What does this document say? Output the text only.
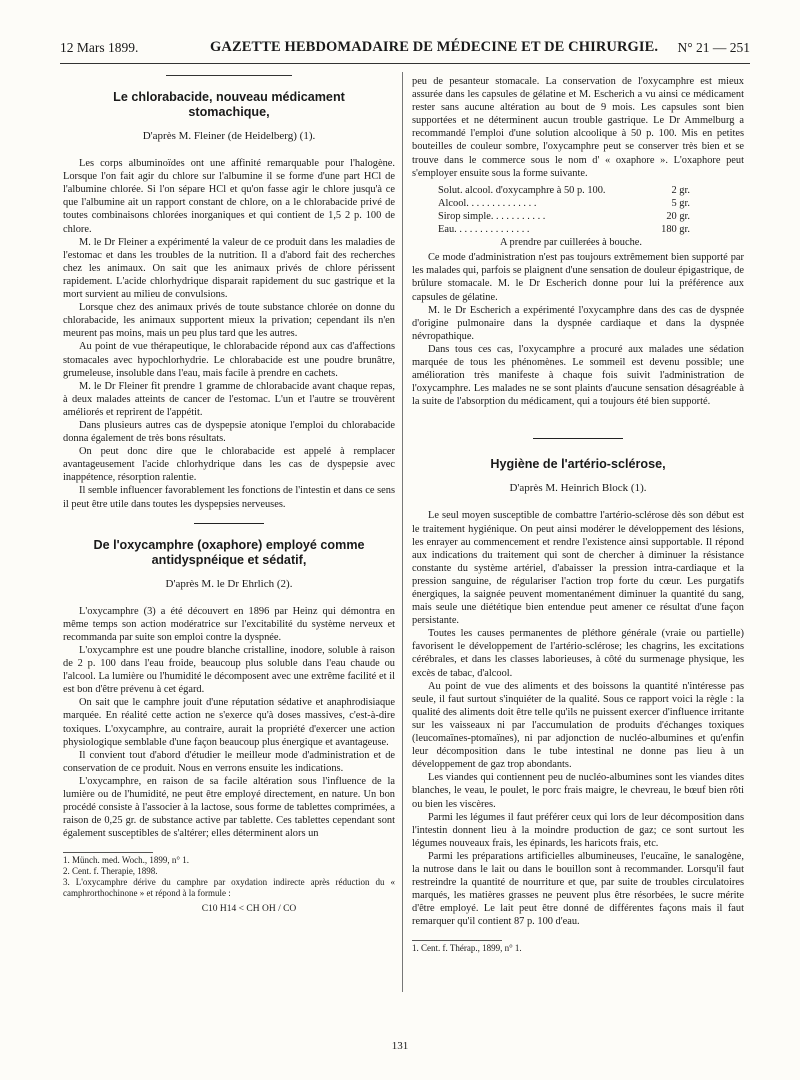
12 Mars 1899.	GAZETTE HEBDOMADAIRE DE MÉDECINE ET DE CHIRURGIE. N° 21 — 251
Le chlorabacide, nouveau médicament stomachique,
D'après M. Fleiner (de Heidelberg) (1).

Les corps albuminoïdes ont une affinité remarquable pour l'halogène. Lorsque l'on fait agir du chlore sur l'albumine il se forme d'une part HCl de l'albumine chlorée. Si l'on sépare HCl et qu'on fasse agir le chlore jusqu'à ce que l'albumine ait un rapport constant de chlore, on a le chlorabacide privé de toutes combinaisons chlorées inorganiques et qui contient de 1,5 2 p. 100 de chlore.

M. le Dr Fleiner a expérimenté la valeur de ce produit dans les maladies de l'estomac et dans les troubles de la nutrition. Il a d'abord fait des recherches chez les animaux. On sait que les animaux privés de chlore périssent rapidement. L'acide chlorhydrique disparait rapidement du suc gastrique et la mort survient au milieu de convulsions.

Lorsque chez des animaux privés de toute substance chlorée on donne du chlorabacide, les animaux supportent mieux la privation; cependant ils n'en meurent pas moins, mais un peu plus tard que les autres.

Au point de vue thérapeutique, le chlorabacide répond aux cas d'affections stomacales avec hypochlorhydrie. Le chlorabacide est une poudre brunâtre, grumeleuse, insoluble dans l'eau, mais facile à prendre en cachets.

M. le Dr Fleiner fit prendre 1 gramme de chlorabacide avant chaque repas, à deux malades atteints de cancer de l'estomac. L'un et l'autre se trouvèrent améliorés et reprirent de l'appétit.

Dans plusieurs autres cas de dyspepsie atonique l'emploi du chlorabacide donna également de très bons résultats.

On peut donc dire que le chlorabacide est appelé à remplacer avantageusement l'acide chlorhydrique dans les cas de dyspepsie avec inappétence, résorption ralentie.

Il semble influencer favorablement les fonctions de l'intestin et dans ce sens il peut être utile dans toutes les dyspepsies nerveuses.

De l'oxycamphre (oxaphore) employé comme antidyspnéique et sédatif,
D'après M. le Dr Ehrlich (2).

L'oxycamphre (3) a été découvert en 1896 par Heinz qui démontra en même temps son action modératrice sur l'excitabilité du système nerveux et recommanda par suite son emploi contre la dyspnée.

L'oxycamphre est une poudre blanche cristalline, inodore, soluble à raison de 2 p. 100 dans l'eau froide, beaucoup plus soluble dans l'eau chaude ou l'alcool. La lumière ou l'humidité le décomposent avec une extrême facilité et il est bon d'être prévenu à cet égard.

On sait que le camphre jouit d'une réputation sédative et anaphrodisiaque marquée. En réalité cette action ne s'exerce qu'à doses massives, c'est-à-dire toxiques. L'oxycamphre, au contraire, aurait la propriété d'exercer une action physiologique semblable d'une façon beaucoup plus énergique et avantageuse.

Il convient tout d'abord d'étudier le meilleur mode d'administration et de conservation de ce produit. Nous en verrons ensuite les indications.

L'oxycamphre, en raison de sa facile altération sous l'influence de la lumière ou de l'humidité, ne peut être employé directement, en nature. Un bon procédé consiste à l'associer à la lactose, sous forme de tablettes comprimées, a raison de 0,25 gr. de substance active par tablette. Ces tablettes cependant sont également susceptibles de s'altérer; elles déterminent alors un

1. Münch. med. Woch., 1899, n° 1.
2. Cent. f. Therapie, 1898.
3. L'oxycamphre dérive du camphre par oxydation indirecte après réduction du « camphrorthochinone » et répond à la formule :
C10 H14 < CH OH / CO

peu de pesanteur stomacale. La conservation de l'oxycamphre est mieux assurée dans les capsules de gélatine et M. Escherich a vu ainsi ce médicament rester sans aucune altération au bout de 9 mois. Les capsules sont bien supportées et ne déterminent aucun trouble gastrique. Le Dr Ammelburg a recommandé l'emploi d'une solution alcoolique à 50 p. 100. Mis en petites bouteilles de couleur sombre, l'oxycamphre peut se conserver très bien et se trouve dans le commerce sous le nom d' « oxaphore ». L'oxaphore peut s'employer ensuite sous la forme suivante.

Solut. alcool. d'oxycamphre à 50 p. 100.	2 gr.
Alcool. . . . . . . . . . . . . .	5 gr.
Sirop simple. . . . . . . . . . .	20 gr.
Eau. . . . . . . . . . . . . . .	180 gr.
A prendre par cuillerées à bouche.

Ce mode d'administration n'est pas toujours extrêmement bien supporté par les malades qui, parfois se plaignent d'une sensation de douleur épigastrique, de brûlure stomacale. M. le Dr Escherich donne pour lui la préférence aux capsules de gélatine.

M. le Dr Escherich a expérimenté l'oxycamphre dans des cas de dyspnée d'origine pulmonaire dans la dyspnée cardiaque et dans la dyspnée névropathique.

Dans tous ces cas, l'oxycamphre a procuré aux malades une sédation marquée de tous les phénomènes. Le sommeil est devenu possible; une amélioration très manifeste à chaque fois suivit l'administration de l'oxycamphre. Les malades ne se sont plaints d'aucune sensation désagréable à la suite de l'absorption du médicament, qui a toujours été bien supporté.

Hygiène de l'artério-sclérose,
D'après M. Heinrich Block (1).

Le seul moyen susceptible de combattre l'artério-sclérose dès son début est le traitement hygiénique. On peut ainsi modérer le développement des lésions, les enrayer au commencement et rendre l'existence ainsi supportable. Il répond aux indications du traitement qui sont de chercher à diminuer la résistance constante du système artériel, d'abaisser la pression intra-cardiaque et la pression sanguine, de régulariser l'action trop forte du cœur. Les purgatifs énergiques, la saignée peuvent momentanément diminuer la quantité du sang, mais seule une diététique bien entendue peut amener ce résultat d'une façon persistante.

Toutes les causes permanentes de pléthore générale (vraie ou partielle) favorisent le développement de l'artério-sclérose; les chagrins, les excitations cérébrales, et dans les classes laborieuses, à côté du surmenage physique, les excès de tabac, d'alcool.

Au point de vue des aliments et des boissons la quantité n'intéresse pas seule, il faut surtout s'inquiéter de la qualité. Sous ce rapport voici la règle : la qualité des aliments doit être telle qu'ils ne puissent exercer d'influence irritante sur les vaisseaux ni par l'accumulation de produits d'échanges toxiques (leucomaïnes-ptomaïnes), ni par adjonction de nucléo-albumines et qu'enfin leur décomposition dans le tube intestinal ne donne pas lieu à un développement de gaz trop abondants.

Les viandes qui contiennent peu de nucléo-albumines sont les viandes dites blanches, le veau, le poulet, le porc frais maigre, le chevreau, le bœuf bien rôti ou bien les viscères.

Parmi les légumes il faut préférer ceux qui lors de leur décomposition dans l'intestin donnent lieu à la moindre production de gaz; ce sont surtout les légumes nouveaux frais, les épinards, les haricots frais, etc.

Parmi les préparations artificielles albumineuses, l'eucaïne, le sanalogène, la nutrose dans le lait ou dans le bouillon sont à recommander. Lorsqu'il faut restreindre la quantité de nourriture et que, par suite de troubles circulatoires marqués, les matières grasses ne peuvent plus être résorbées, le sucre mérite d'être employé. Le lait peut être donné de différentes façons mais il faut remarquer qu'il contient 87 p. 100 d'eau.

1. Cent. f. Thérap., 1899, n° 1.
131
